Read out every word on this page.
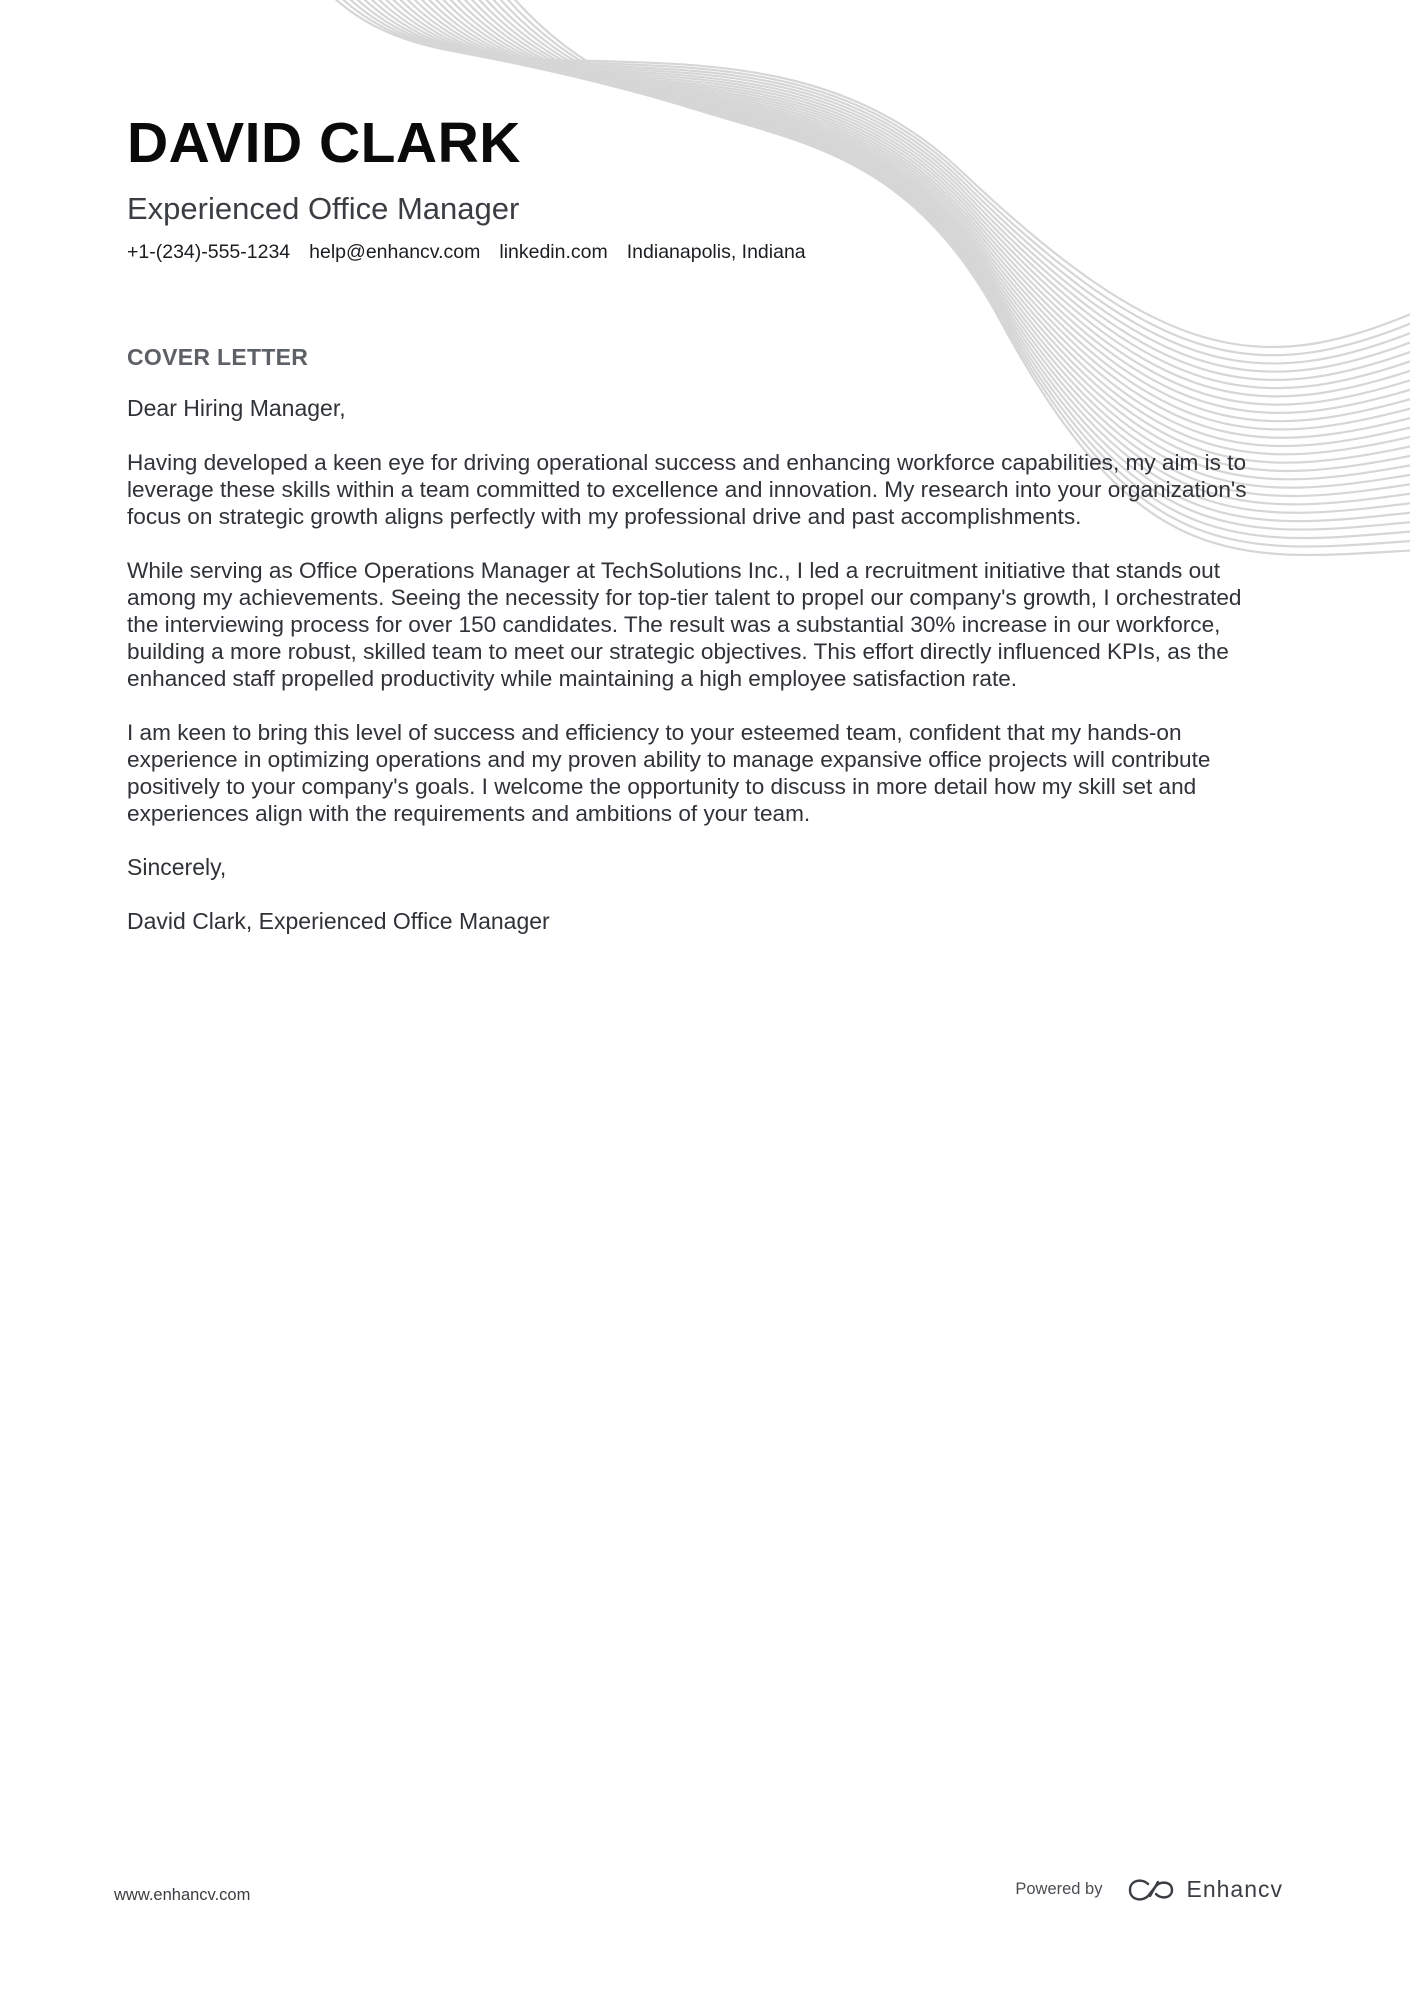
DAVID CLARK
Experienced Office Manager
+1-(234)-555-1234 help@enhancv.com linkedin.com Indianapolis, Indiana
COVER LETTER
Dear Hiring Manager,

Having developed a keen eye for driving operational success and enhancing workforce capabilities, my aim is to leverage these skills within a team committed to excellence and innovation. My research into your organization's focus on strategic growth aligns perfectly with my professional drive and past accomplishments.

While serving as Office Operations Manager at TechSolutions Inc., I led a recruitment initiative that stands out among my achievements. Seeing the necessity for top-tier talent to propel our company's growth, I orchestrated the interviewing process for over 150 candidates. The result was a substantial 30% increase in our workforce, building a more robust, skilled team to meet our strategic objectives. This effort directly influenced KPIs, as the enhanced staff propelled productivity while maintaining a high employee satisfaction rate.

I am keen to bring this level of success and efficiency to your esteemed team, confident that my hands-on experience in optimizing operations and my proven ability to manage expansive office projects will contribute positively to your company's goals. I welcome the opportunity to discuss in more detail how my skill set and experiences align with the requirements and ambitions of your team.

Sincerely,
David Clark, Experienced Office Manager
www.enhancv.com	Powered by	Enhancv
